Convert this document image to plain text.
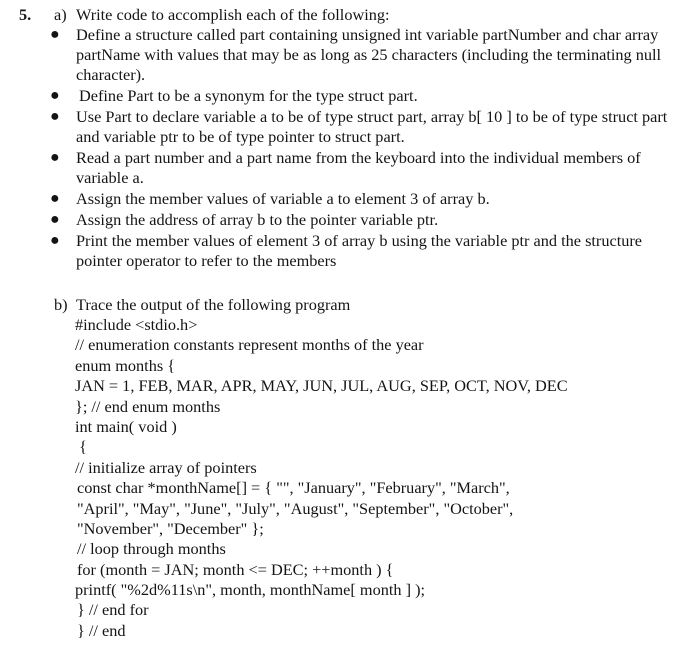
5. a) Write code to accomplish each of the following:
● Define a structure called part containing unsigned int variable partNumber and char array partName with values that may be as long as 25 characters (including the terminating null character).
● Define Part to be a synonym for the type struct part.
● Use Part to declare variable a to be of type struct part, array b[ 10 ] to be of type struct part and variable ptr to be of type pointer to struct part.
● Read a part number and a part name from the keyboard into the individual members of variable a.
● Assign the member values of variable a to element 3 of array b.
● Assign the address of array b to the pointer variable ptr.
● Print the member values of element 3 of array b using the variable ptr and the structure pointer operator to refer to the members
b) Trace the output of the following program
#include <stdio.h>
// enumeration constants represent months of the year
enum months {
JAN = 1, FEB, MAR, APR, MAY, JUN, JUL, AUG, SEP, OCT, NOV, DEC
}; // end enum months
int main( void )
{
// initialize array of pointers
const char *monthName[] = { "", "January", "February", "March",
"April", "May", "June", "July", "August", "September", "October",
"November", "December" };
// loop through months
for (month = JAN; month <= DEC; ++month ) {
printf( "%2d%11s\n", month, monthName[ month ] );
} // end for
} // end
